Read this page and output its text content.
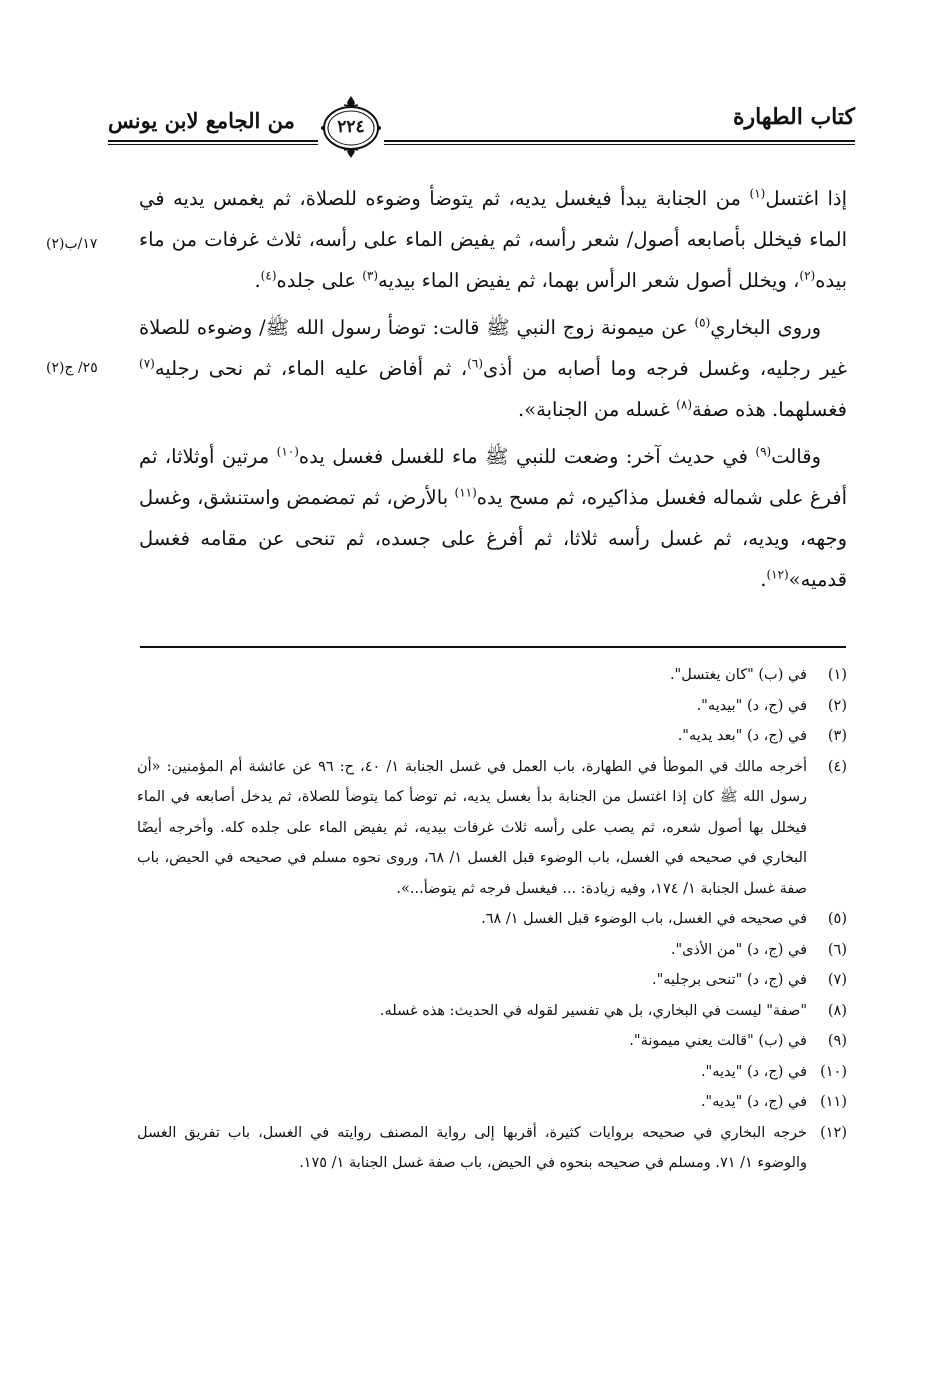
كتاب الطهارة
من الجامع لابن يونس ٢٢٤
١٧/ب(٢)
٢٥/ ج(٢)

إذا اغتسل$^{(١)}$ من الجنابة يبدأ فيغسل يديه، ثم يتوضأ وضوءه للصلاة، ثم يغمس يديه في الماء فيخلل بأصابعه أصول/ شعر رأسه، ثم يفيض الماء على رأسه، ثلاث غرفات من ماء بيده$^{(٢)}$، ويخلل أصول شعر الرأس بهما، ثم يفيض الماء بيديه$^{(٣)}$ على جلده$^{(٤)}$.

وروى البخاري$^{(٥)}$ عن ميمونة زوج النبي ﷺ قالت: توضأ رسول الله ﷺ/ وضوءه للصلاة غير رجليه، وغسل فرجه وما أصابه من أذى$^{(٦)}$، ثم أفاض عليه الماء، ثم نحى رجليه$^{(٧)}$ فغسلهما. هذه صفة$^{(٨)}$ غسله من الجنابة».

وقالت$^{(٩)}$ في حديث آخر: وضعت للنبي ﷺ ماء للغسل فغسل يده$^{(١٠)}$ مرتين أوثلاثا، ثم أفرغ على شماله فغسل مذاكيره، ثم مسح يده$^{(١١)}$ بالأرض، ثم تمضمض واستنشق، وغسل وجهه، ويديه، ثم غسل رأسه ثلاثا، ثم أفرغ على جسده، ثم تنحى عن مقامه فغسل قدميه»$^{(١٢)}$.

(١)
في (ب) "كان يغتسل".
(٢)
في (ج، د) "بيديه".
(٣)
في (ج، د) "بعد يديه".
(٤)
أخرجه مالك في الموطأ في الطهارة، باب العمل في غسل الجنابة ١/ ٤٠، ح: ٩٦ عن عائشة أم المؤمنين: «أن رسول الله ﷺ كان إذا اغتسل من الجنابة بدأ بغسل يديه، ثم توضأ كما يتوضأ للصلاة، ثم يدخل أصابعه في الماء فيخلل بها أصول شعره، ثم يصب على رأسه ثلاث غرفات بيديه، ثم يفيض الماء على جلده كله. وأخرجه أيضًا البخاري في صحيحه في الغسل، باب الوضوء قبل الغسل ١/ ٦٨، وروى نحوه مسلم في صحيحه في الحيض، باب صفة غسل الجنابة ١/ ١٧٤، وفيه زيادة: ... فيغسل فرجه ثم يتوضأ...».
(٥)
في صحيحه في الغسل، باب الوضوء قبل الغسل ١/ ٦٨.
(٦)
في (ج، د) "من الأذى".
(٧)
في (ج، د) "تنحى برجليه".
(٨)
"صفة" ليست في البخاري، بل هي تفسير لقوله في الحديث: هذه غسله.
(٩)
في (ب) "قالت يعني ميمونة".
(١٠)
في (ج، د) "يديه".
(١١)
في (ج، د) "يديه".
(١٢)
خرجه البخاري في صحيحه بروايات كثيرة، أقربها إلى رواية المصنف روايته في الغسل، باب تفريق الغسل والوضوء ١/ ٧١. ومسلم في صحيحه بنحوه في الحيض، باب صفة غسل الجنابة ١/ ١٧٥.
